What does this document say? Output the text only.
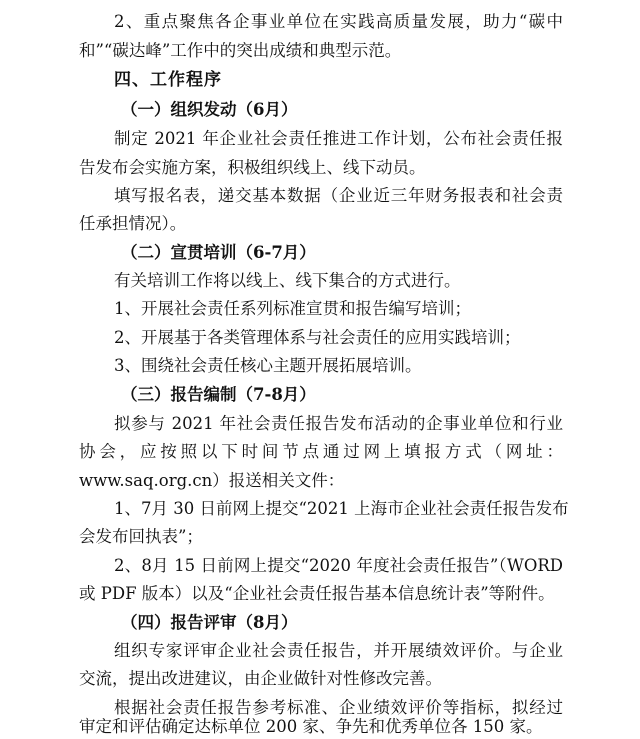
2、重点聚焦各企事业单位在实践高质量发展，助力“碳中
和”“碳达峰”工作中的突出成绩和典型示范。
四、工作程序
（一）组织发动（6月）
制定 2021 年企业社会责任推进工作计划，公布社会责任报
告发布会实施方案，积极组织线上、线下动员。
填写报名表，递交基本数据（企业近三年财务报表和社会责
任承担情况）。
（二）宣贯培训（6-7月）
有关培训工作将以线上、线下集合的方式进行。
1、开展社会责任系列标准宣贯和报告编写培训；
2、开展基于各类管理体系与社会责任的应用实践培训；
3、围绕社会责任核心主题开展拓展培训。
（三）报告编制（7-8月）
拟参与 2021 年社会责任报告发布活动的企事业单位和行业
协会，应按照以下时间节点通过网上填报方式（网址：
www.saq.org.cn）报送相关文件：
1、7月 30 日前网上提交“2021 上海市企业社会责任报告发布
会发布回执表”；
2、8月 15 日前网上提交“2020 年度社会责任报告”（WORD
或 PDF 版本）以及“企业社会责任报告基本信息统计表”等附件。
（四）报告评审（8月）
组织专家评审企业社会责任报告，并开展绩效评价。与企业
交流，提出改进建议，由企业做针对性修改完善。
根据社会责任报告参考标准、企业绩效评价等指标，拟经过
审定和评估确定达标单位 200 家、争先和优秀单位各 150 家。
